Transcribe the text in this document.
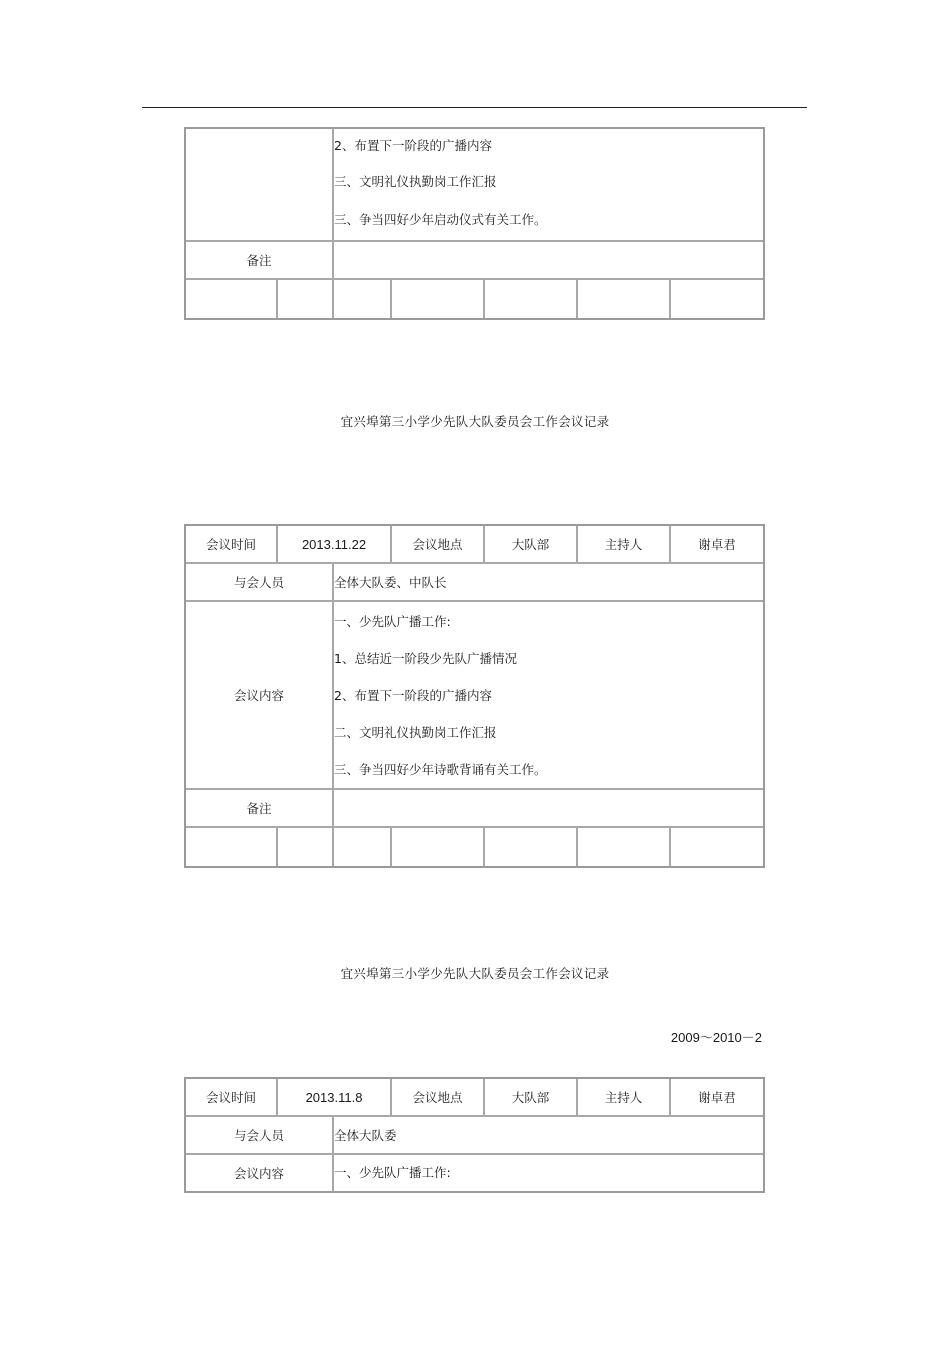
		2、布置下一阶段的广播内容
三、文明礼仪执勤岗工作汇报
三、争当四好少年启动仪式有关工作。				

备注						

宜兴埠第三小学少先队大队委员会工作会议记录
会议时间	2013.11.22		会议地点	大队部	主持人	谢卓君
与会人员		全体大队委、中队长				
会议内容		一、少先队广播工作:
1、总结近一阶段少先队广播情况
2、布置下一阶段的广播内容
二、文明礼仪执勤岗工作汇报
三、争当四好少年诗歌背诵有关工作。				

备注						

宜兴埠第三小学少先队大队委员会工作会议记录
2009～2010－2
会议时间	2013.11.8		会议地点	大队部	主持人	谢卓君
与会人员		全体大队委				
会议内容		一、少先队广播工作:				
